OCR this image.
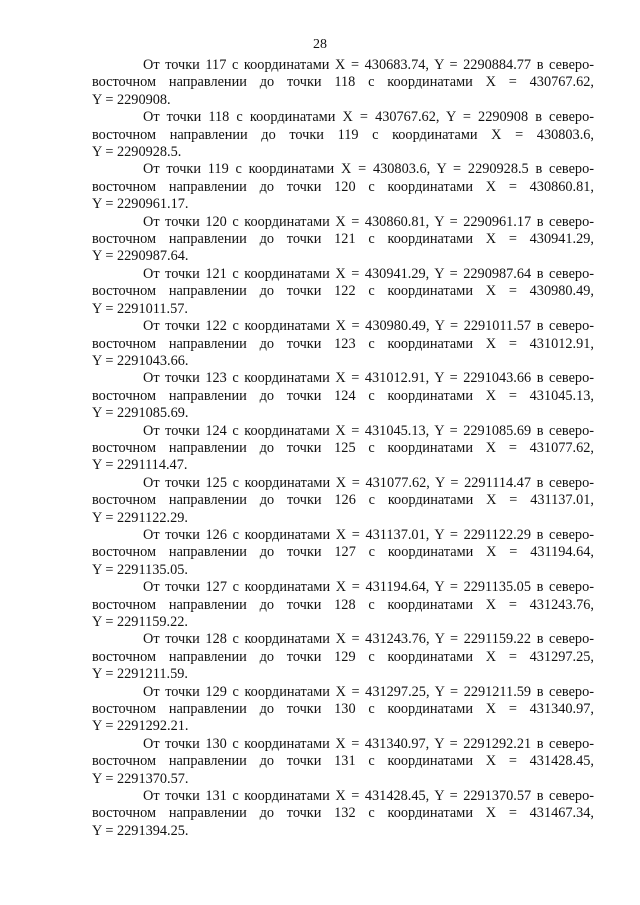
28
От точки 117 с координатами X = 430683.74, Y = 2290884.77 в северо-
восточном направлении до точки 118 с координатами X = 430767.62,
Y = 2290908.
От точки 118 с координатами X = 430767.62, Y = 2290908 в северо-
восточном направлении до точки 119 с координатами X = 430803.6,
Y = 2290928.5.
От точки 119 с координатами X = 430803.6, Y = 2290928.5 в северо-
восточном направлении до точки 120 с координатами X = 430860.81,
Y = 2290961.17.
От точки 120 с координатами X = 430860.81, Y = 2290961.17 в северо-
восточном направлении до точки 121 с координатами X = 430941.29,
Y = 2290987.64.
От точки 121 с координатами X = 430941.29, Y = 2290987.64 в северо-
восточном направлении до точки 122 с координатами X = 430980.49,
Y = 2291011.57.
От точки 122 с координатами X = 430980.49, Y = 2291011.57 в северо-
восточном направлении до точки 123 с координатами X = 431012.91,
Y = 2291043.66.
От точки 123 с координатами X = 431012.91, Y = 2291043.66 в северо-
восточном направлении до точки 124 с координатами X = 431045.13,
Y = 2291085.69.
От точки 124 с координатами X = 431045.13, Y = 2291085.69 в северо-
восточном направлении до точки 125 с координатами X = 431077.62,
Y = 2291114.47.
От точки 125 с координатами X = 431077.62, Y = 2291114.47 в северо-
восточном направлении до точки 126 с координатами X = 431137.01,
Y = 2291122.29.
От точки 126 с координатами X = 431137.01, Y = 2291122.29 в северо-
восточном направлении до точки 127 с координатами X = 431194.64,
Y = 2291135.05.
От точки 127 с координатами X = 431194.64, Y = 2291135.05 в северо-
восточном направлении до точки 128 с координатами X = 431243.76,
Y = 2291159.22.
От точки 128 с координатами X = 431243.76, Y = 2291159.22 в северо-
восточном направлении до точки 129 с координатами X = 431297.25,
Y = 2291211.59.
От точки 129 с координатами X = 431297.25, Y = 2291211.59 в северо-
восточном направлении до точки 130 с координатами X = 431340.97,
Y = 2291292.21.
От точки 130 с координатами X = 431340.97, Y = 2291292.21 в северо-
восточном направлении до точки 131 с координатами X = 431428.45,
Y = 2291370.57.
От точки 131 с координатами X = 431428.45, Y = 2291370.57 в северо-
восточном направлении до точки 132 с координатами X = 431467.34,
Y = 2291394.25.
